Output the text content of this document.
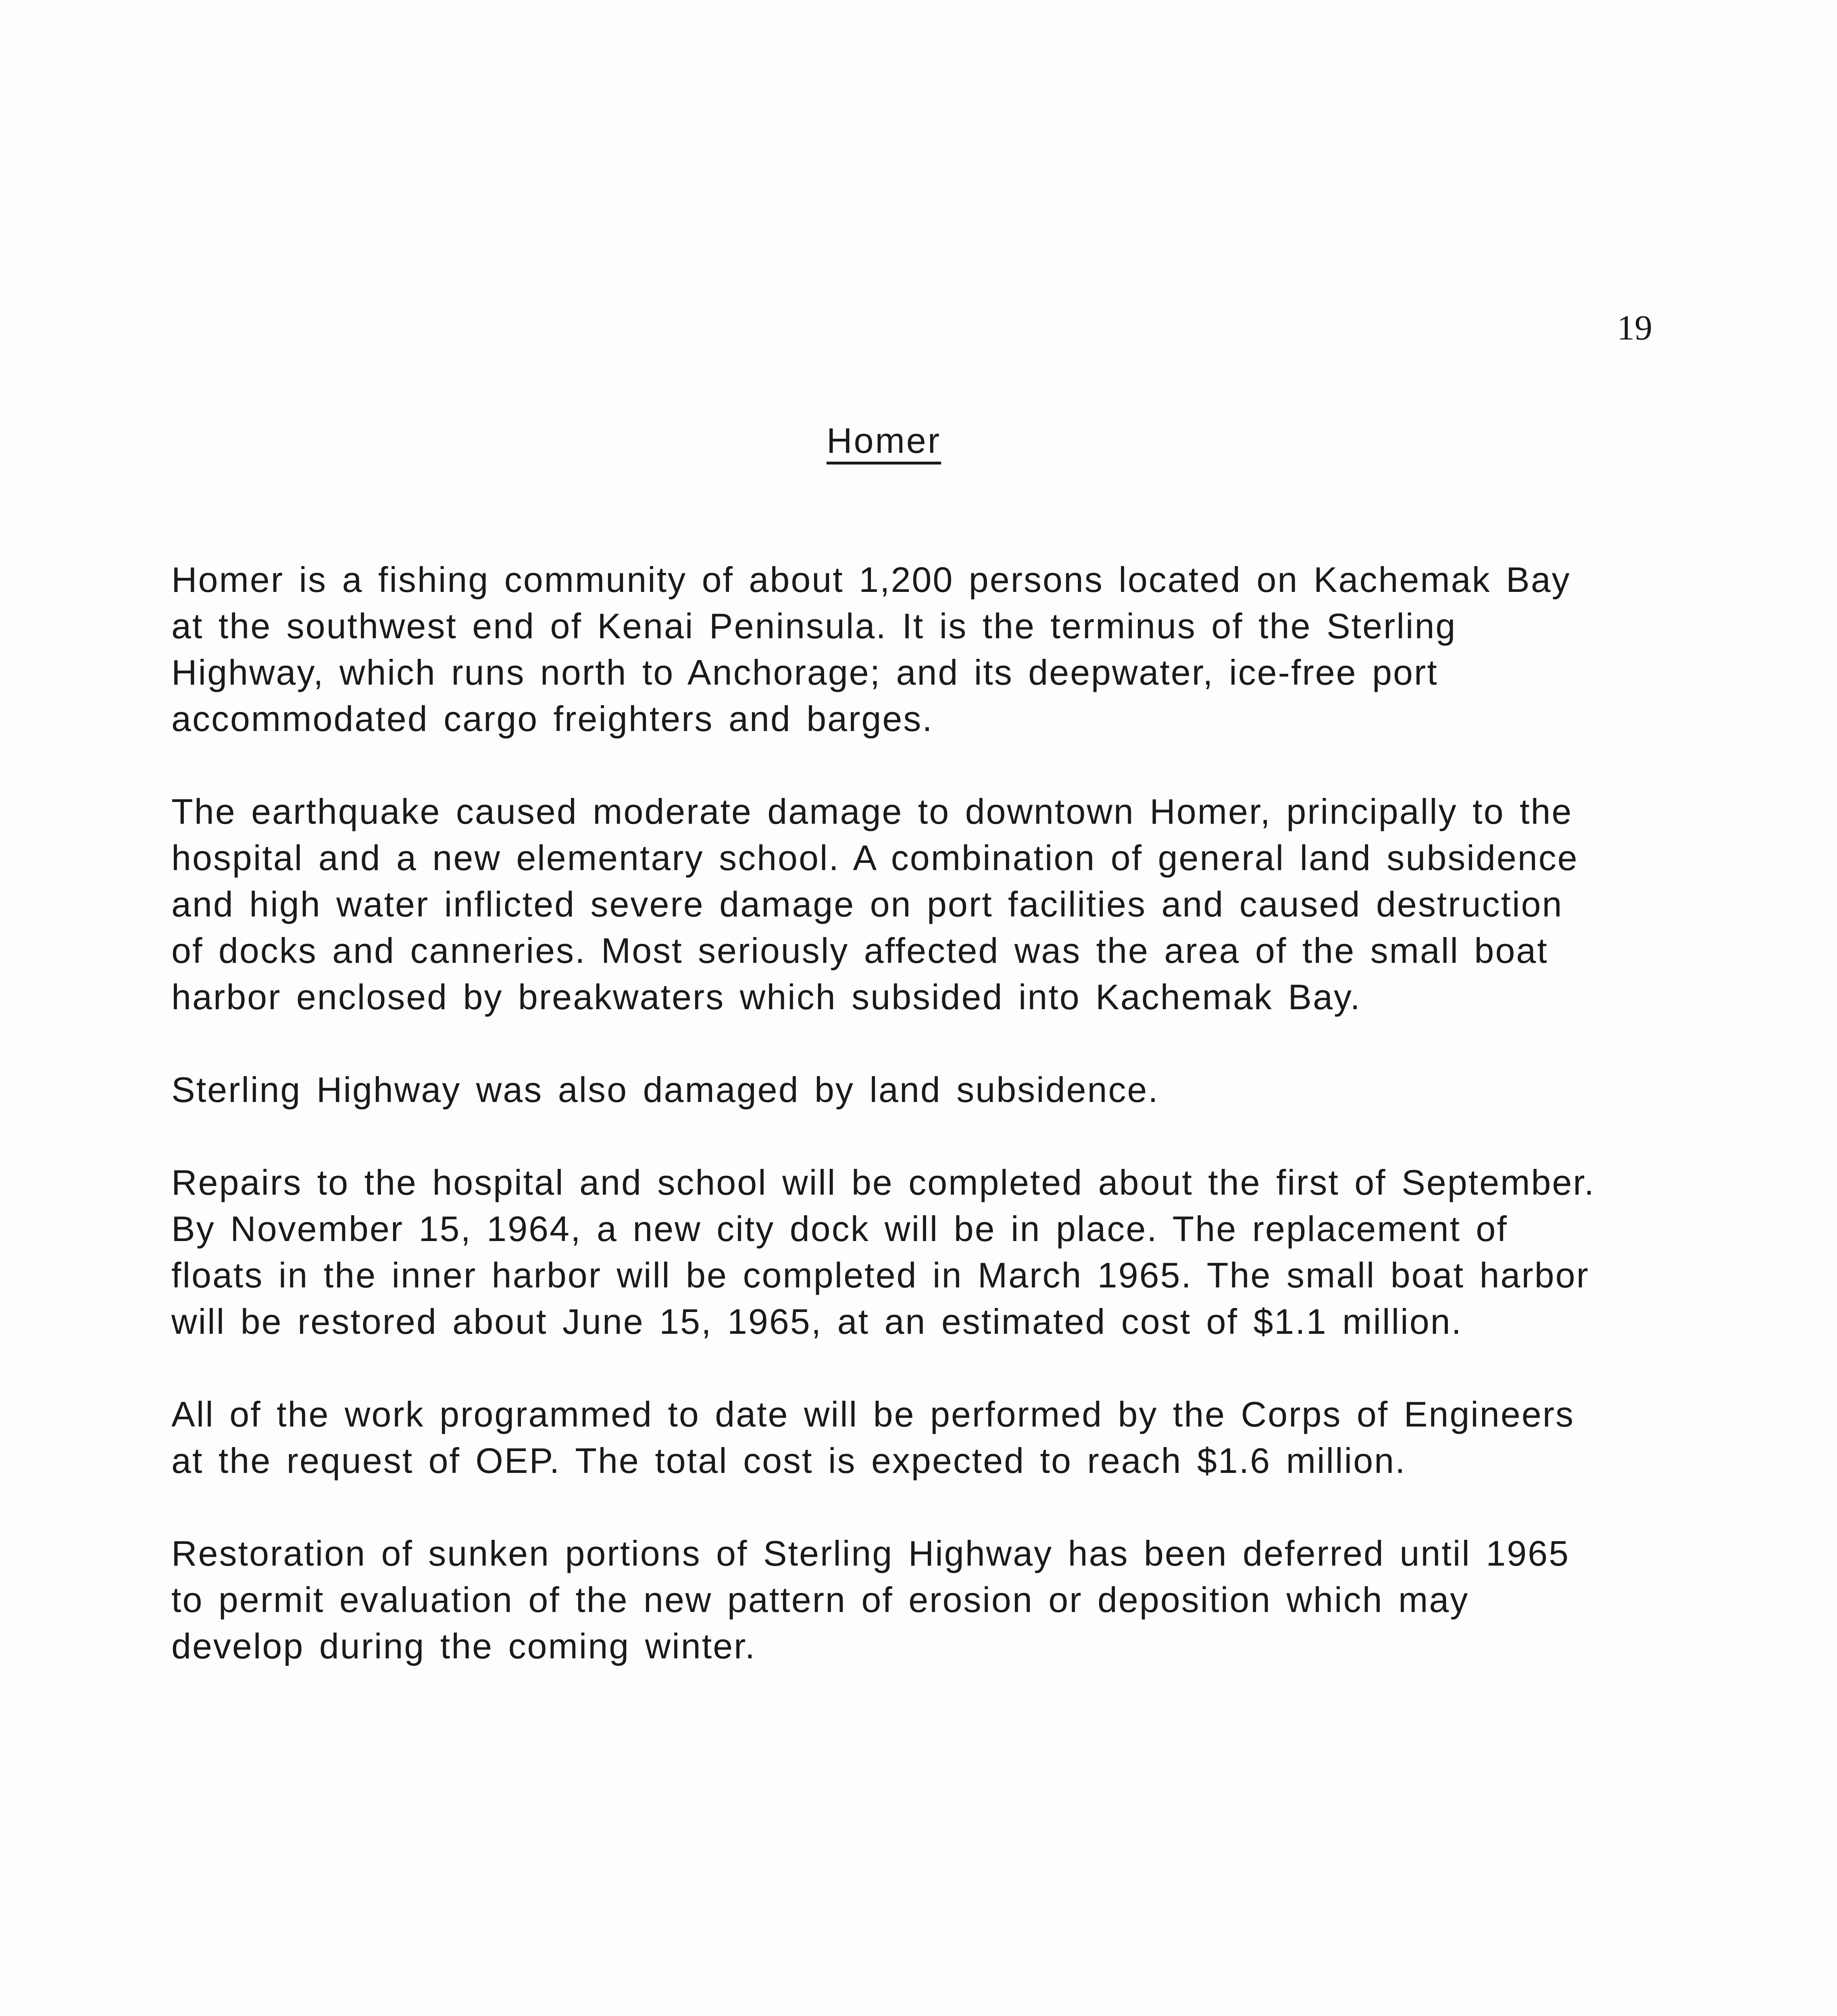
19
Homer

Homer is a fishing community of about 1,200 persons located on Kachemak Bay at the southwest end of Kenai Peninsula. It is the terminus of the Sterling Highway, which runs north to Anchorage; and its deepwater, ice-free port accommodated cargo freighters and barges.

The earthquake caused moderate damage to downtown Homer, principally to the hospital and a new elementary school. A combination of general land subsidence and high water inflicted severe damage on port facilities and caused destruction of docks and canneries. Most seriously affected was the area of the small boat harbor enclosed by breakwaters which subsided into Kachemak Bay.

Sterling Highway was also damaged by land subsidence.

Repairs to the hospital and school will be completed about the first of September. By November 15, 1964, a new city dock will be in place. The replacement of floats in the inner harbor will be completed in March 1965. The small boat harbor will be restored about June 15, 1965, at an estimated cost of $1.1 million.

All of the work programmed to date will be performed by the Corps of Engineers at the request of OEP. The total cost is expected to reach $1.6 million.

Restoration of sunken portions of Sterling Highway has been deferred until 1965 to permit evaluation of the new pattern of erosion or deposition which may develop during the coming winter.
